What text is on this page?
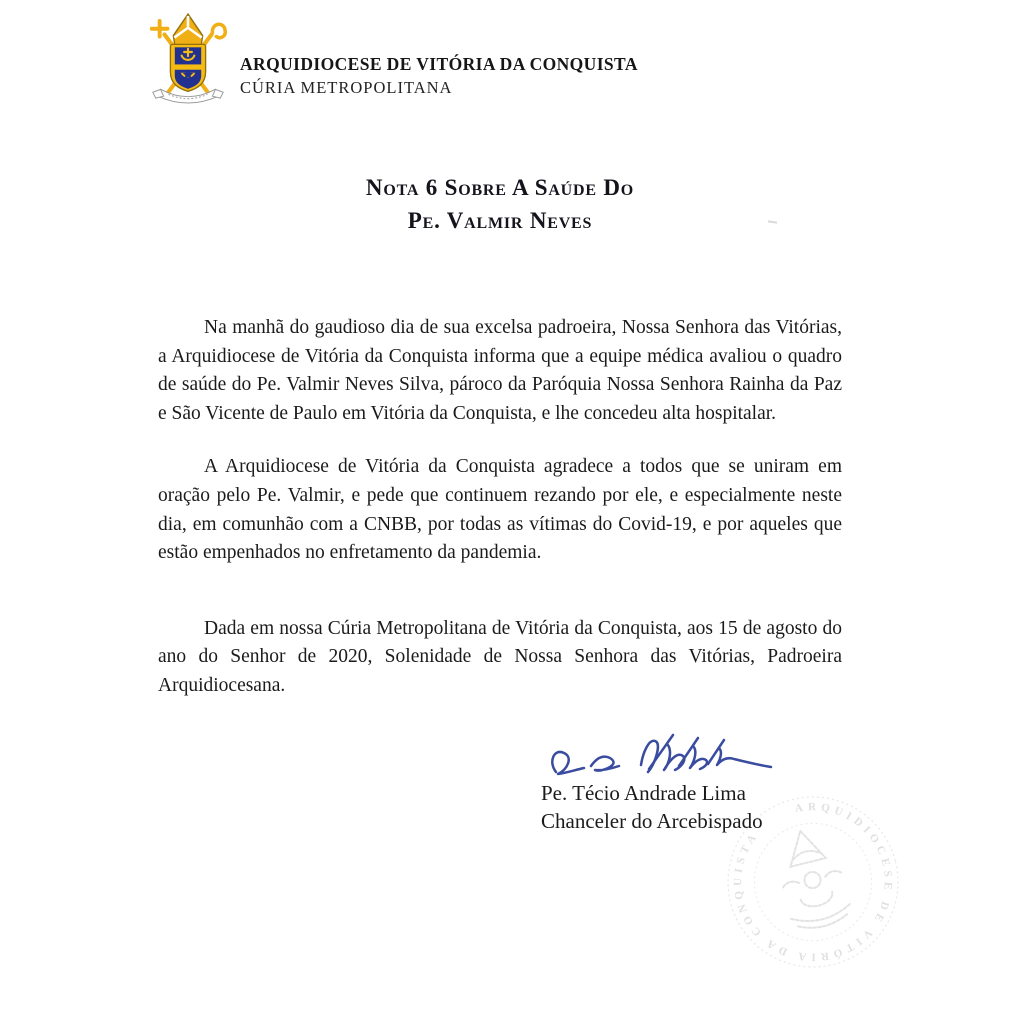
ARQUIDIOCESE DE VITÓRIA DA CONQUISTA
CÚRIA METROPOLITANA
Nota 6 Sobre A Saúde Do
Pe. Valmir Neves

Na manhã do gaudioso dia de sua excelsa padroeira, Nossa Senhora das Vitórias, a Arquidiocese de Vitória da Conquista informa que a equipe médica avaliou o quadro de saúde do Pe. Valmir Neves Silva, pároco da Paróquia Nossa Senhora Rainha da Paz e São Vicente de Paulo em Vitória da Conquista, e lhe concedeu alta hospitalar.

A Arquidiocese de Vitória da Conquista agradece a todos que se uniram em oração pelo Pe. Valmir, e pede que continuem rezando por ele, e especialmente neste dia, em comunhão com a CNBB, por todas as vítimas do Covid-19, e por aqueles que estão empenhados no enfretamento da pandemia.

Dada em nossa Cúria Metropolitana de Vitória da Conquista, aos 15 de agosto do ano do Senhor de 2020, Solenidade de Nossa Senhora das Vitórias, Padroeira Arquidiocesana.

Pe. Técio Andrade Lima
Chanceler do Arcebispado
ARQUIDIOCESE DE VITÓRIA DA CONQUISTA
